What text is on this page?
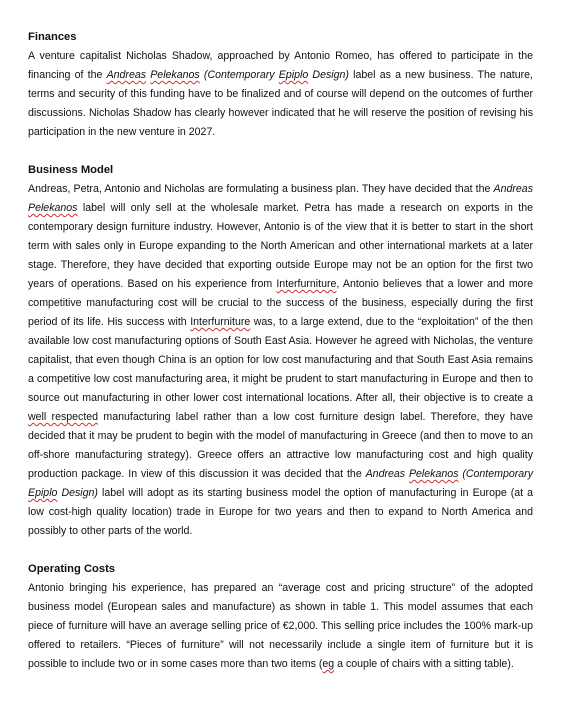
Finances

A venture capitalist Nicholas Shadow, approached by Antonio Romeo, has offered to participate in the financing of the Andreas Pelekanos (Contemporary Epiplo Design) label as a new business. The nature, terms and security of this funding have to be finalized and of course will depend on the outcomes of further discussions. Nicholas Shadow has clearly however indicated that he will reserve the position of revising his participation in the new venture in 2027.

Business Model

Andreas, Petra, Antonio and Nicholas are formulating a business plan. They have decided that the Andreas Pelekanos label will only sell at the wholesale market. Petra has made a research on exports in the contemporary design furniture industry. However, Antonio is of the view that it is better to start in the short term with sales only in Europe expanding to the North American and other international markets at a later stage. Therefore, they have decided that exporting outside Europe may not be an option for the first two years of operations. Based on his experience from Interfurniture, Antonio believes that a lower and more competitive manufacturing cost will be crucial to the success of the business, especially during the first period of its life. His success with Interfurniture was, to a large extend, due to the “exploitation” of the then available low cost manufacturing options of South East Asia. However he agreed with Nicholas, the venture capitalist, that even though China is an option for low cost manufacturing and that South East Asia remains a competitive low cost manufacturing area, it might be prudent to start manufacturing in Europe and then to source out manufacturing in other lower cost international locations. After all, their objective is to create a well respected manufacturing label rather than a low cost furniture design label. Therefore, they have decided that it may be prudent to begin with the model of manufacturing in Greece (and then to move to an off-shore manufacturing strategy). Greece offers an attractive low manufacturing cost and high quality production package. In view of this discussion it was decided that the Andreas Pelekanos (Contemporary Epiplo Design) label will adopt as its starting business model the option of manufacturing in Europe (at a low cost-high quality location) trade in Europe for two years and then to expand to North America and possibly to other parts of the world.

Operating Costs

Antonio bringing his experience, has prepared an “average cost and pricing structure” of the adopted business model (European sales and manufacture) as shown in table 1. This model assumes that each piece of furniture will have an average selling price of €2,000. This selling price includes the 100% mark-up offered to retailers. “Pieces of furniture” will not necessarily include a single item of furniture but it is possible to include two or in some cases more than two items (eg a couple of chairs with a sitting table).
